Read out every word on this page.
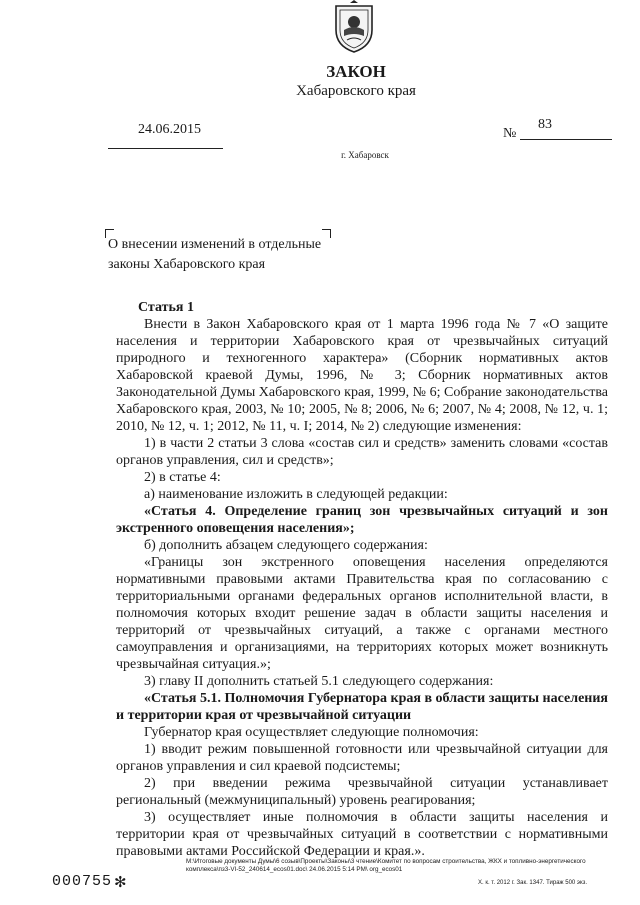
ЗАКОН
Хабаровского края
24.06.2015	№
83
г. Хабаровск
О внесении изменений в отдельные
законы Хабаровского края

Статья 1

Внести в Закон Хабаровского края от 1 марта 1996 года № 7 «О защите населения и территории Хабаровского края от чрезвычайных ситуаций природного и техногенного характера» (Сборник нормативных актов Хабаровской краевой Думы, 1996, № 3; Сборник нормативных актов Законодательной Думы Хабаровского края, 1999, № 6; Собрание законодательства Хабаровского края, 2003, № 10; 2005, № 8; 2006, № 6; 2007, № 4; 2008, № 12, ч. 1; 2010, № 12, ч. 1; 2012, № 11, ч. I; 2014, № 2) следующие изменения:

1) в части 2 статьи 3 слова «состав сил и средств» заменить словами «состав органов управления, сил и средств»;

2) в статье 4:

а) наименование изложить в следующей редакции:

«Статья 4. Определение границ зон чрезвычайных ситуаций и зон экстренного оповещения населения»;

б) дополнить абзацем следующего содержания:

«Границы зон экстренного оповещения населения определяются нормативными правовыми актами Правительства края по согласованию с территориальными органами федеральных органов исполнительной власти, в полномочия которых входит решение задач в области защиты населения и территорий от чрезвычайных ситуаций, а также с органами местного самоуправления и организациями, на территориях которых может возникнуть чрезвычайная ситуация.»;

3) главу II дополнить статьей 5.1 следующего содержания:

«Статья 5.1. Полномочия Губернатора края в области защиты населения и территории края от чрезвычайной ситуации

Губернатор края осуществляет следующие полномочия:

1) вводит режим повышенной готовности или чрезвычайной ситуации для органов управления и сил краевой подсистемы;

2) при введении режима чрезвычайной ситуации устанавливает региональный (межмуниципальный) уровень реагирования;

3) осуществляет иные полномочия в области защиты населения и территории края от чрезвычайных ситуаций в соответствии с нормативными правовыми актами Российской Федерации и края.».

М:\Итоговые документы Думы\6 созыв\Проекты\Законы\3 чтение\Комитет по вопросам строительства, ЖКХ и топливно-энергетического комплекса\пз3-VI-52_240614_ecos01.doc\ 24.06.2015 5:14 PM\ org_ecos01
000755 ✻	Х. к. т. 2012 г. Зак. 1347. Тираж 500 экз.
